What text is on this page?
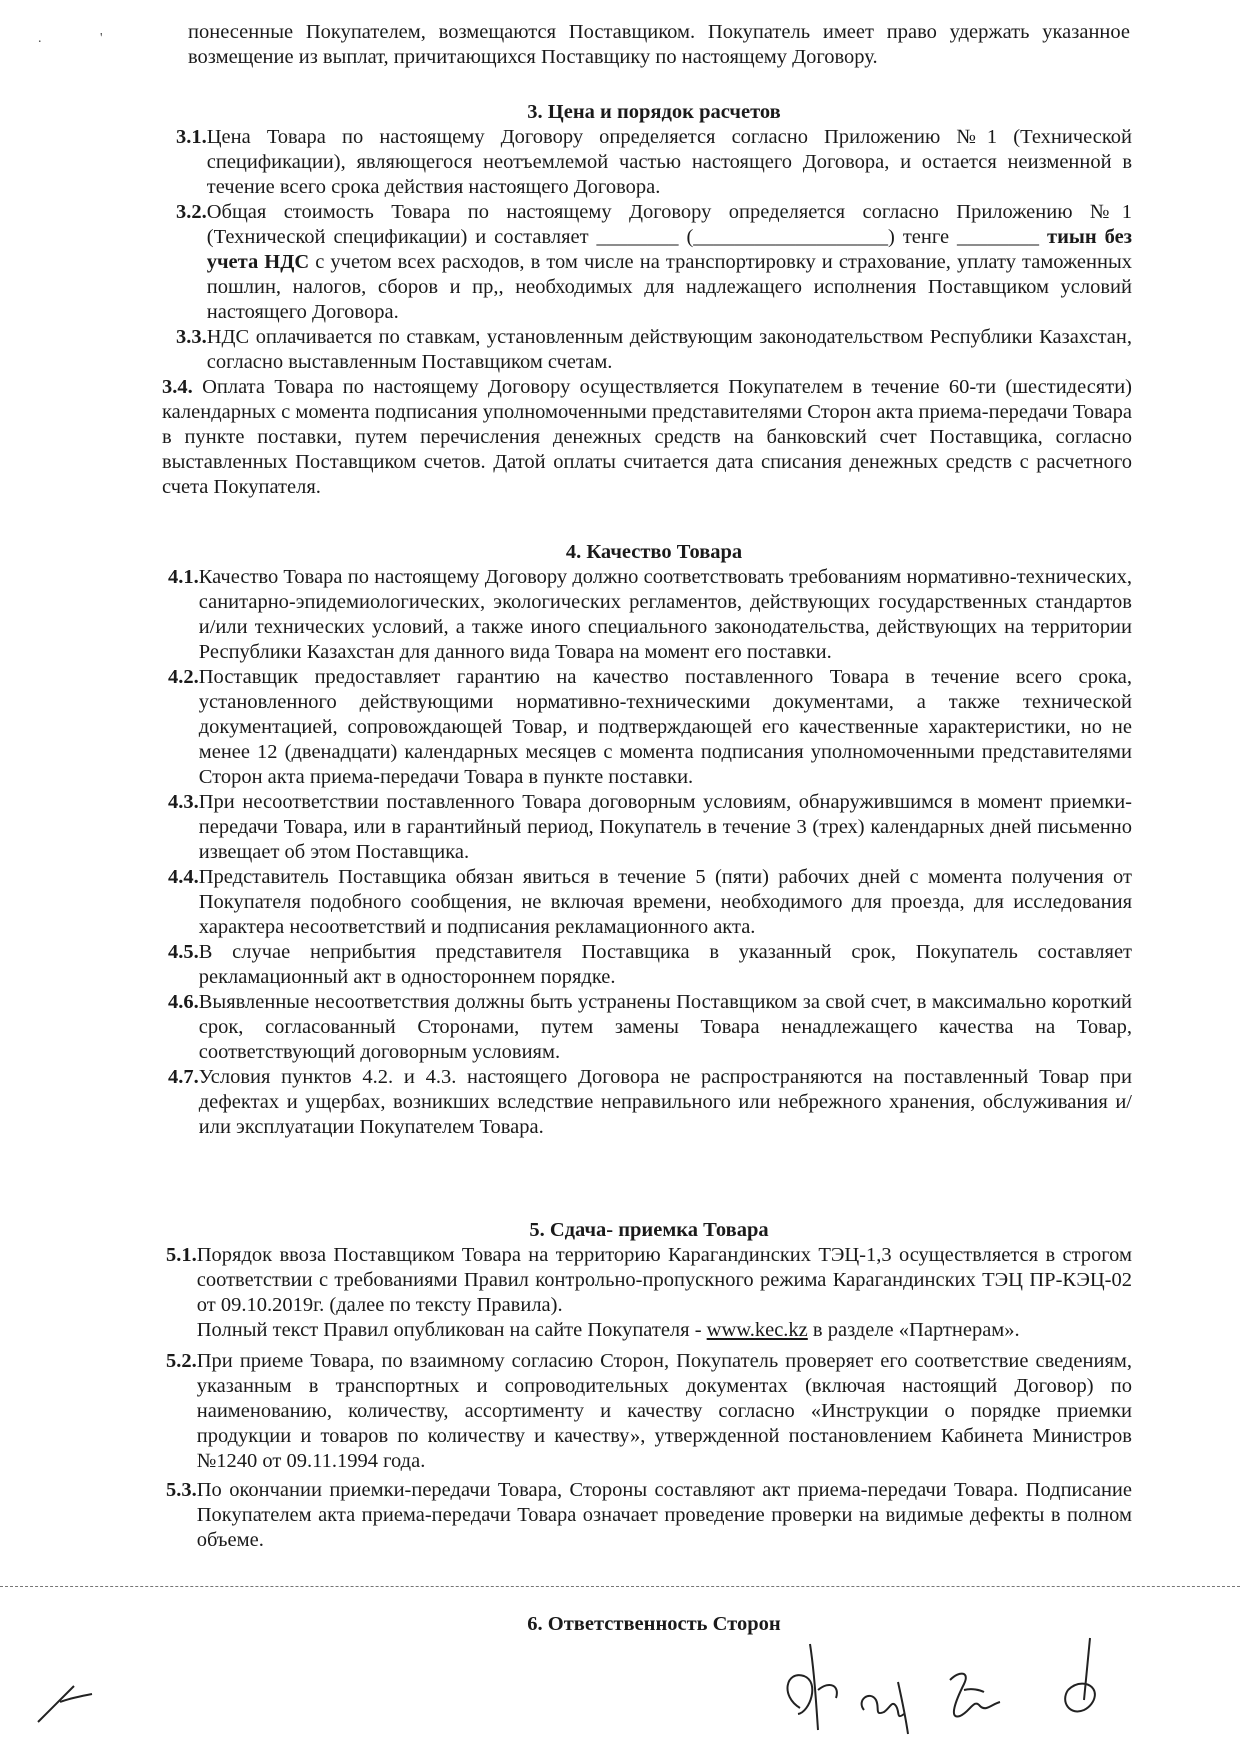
.	'	понесенные Покупателем, возмещаются Поставщиком. Покупатель имеет право удержать указанное возмещение из выплат, причитающихся Поставщику по настоящему Договору.
3. Цена и порядок расчетов
3.1. Цена Товара по настоящему Договору определяется согласно Приложению №1 (Технической спецификации), являющегося неотъемлемой частью настоящего Договора, и остается неизменной в течение всего срока действия настоящего Договора.
3.2. Общая стоимость Товара по настоящему Договору определяется согласно Приложению №1 (Технической спецификации) и составляет ________ (___________________) тенге ________ тиын без учета НДС с учетом всех расходов, в том числе на транспортировку и страхование, уплату таможенных пошлин, налогов, сборов и пр,, необходимых для надлежащего исполнения Поставщиком условий настоящего Договора.
3.3. НДС оплачивается по ставкам, установленным действующим законодательством Республики Казахстан, согласно выставленным Поставщиком счетам.
3.4. Оплата Товара по настоящему Договору осуществляется Покупателем в течение 60-ти (шестидесяти) календарных с момента подписания уполномоченными представителями Сторон акта приема-передачи Товара в пункте поставки, путем перечисления денежных средств на банковский счет Поставщика, согласно выставленных Поставщиком счетов. Датой оплаты считается дата списания денежных средств с расчетного счета Покупателя.
4. Качество Товара
4.1. Качество Товара по настоящему Договору должно соответствовать требованиям нормативно-технических, санитарно-эпидемиологических, экологических регламентов, действующих государственных стандартов и/или технических условий, а также иного специального законодательства, действующих на территории Республики Казахстан для данного вида Товара на момент его поставки.
4.2. Поставщик предоставляет гарантию на качество поставленного Товара в течение всего срока, установленного действующими нормативно-техническими документами, а также технической документацией, сопровождающей Товар, и подтверждающей его качественные характеристики, но не менее 12 (двенадцати) календарных месяцев с момента подписания уполномоченными представителями Сторон акта приема-передачи Товара в пункте поставки.
4.3. При несоответствии поставленного Товара договорным условиям, обнаружившимся в момент приемки-передачи Товара, или в гарантийный период, Покупатель в течение 3 (трех) календарных дней письменно извещает об этом Поставщика.
4.4. Представитель Поставщика обязан явиться в течение 5 (пяти) рабочих дней с момента получения от Покупателя подобного сообщения, не включая времени, необходимого для проезда, для исследования характера несоответствий и подписания рекламационного акта.
4.5. В случае неприбытия представителя Поставщика в указанный срок, Покупатель составляет рекламационный акт в одностороннем порядке.
4.6. Выявленные несоответствия должны быть устранены Поставщиком за свой счет, в максимально короткий срок, согласованный Сторонами, путем замены Товара ненадлежащего качества на Товар, соответствующий договорным условиям.
4.7. Условия пунктов 4.2. и 4.3. настоящего Договора не распространяются на поставленный Товар при дефектах и ущербах, возникших вследствие неправильного или небрежного хранения, обслуживания и/или эксплуатации Покупателем Товара.
5. Сдача- приемка Товара
5.1. Порядок ввоза Поставщиком Товара на территорию Карагандинских ТЭЦ-1,3 осуществляется в строгом соответствии с требованиями Правил контрольно-пропускного режима Карагандинских ТЭЦ ПР-КЭЦ-02 от 09.10.2019г. (далее по тексту Правила).
Полный текст Правил опубликован на сайте Покупателя - www.kec.kz в разделе «Партнерам».
5.2. При приеме Товара, по взаимному согласию Сторон, Покупатель проверяет его соответствие сведениям, указанным в транспортных и сопроводительных документах (включая настоящий Договор) по наименованию, количеству, ассортименту и качеству согласно «Инструкции о порядке приемки продукции и товаров по количеству и качеству», утвержденной постановлением Кабинета Министров №1240 от 09.11.1994 года.
5.3. По окончании приемки-передачи Товара, Стороны составляют акт приема-передачи Товара. Подписание Покупателем акта приема-передачи Товара означает проведение проверки на видимые дефекты в полном объеме.
6. Ответственность Сторон
